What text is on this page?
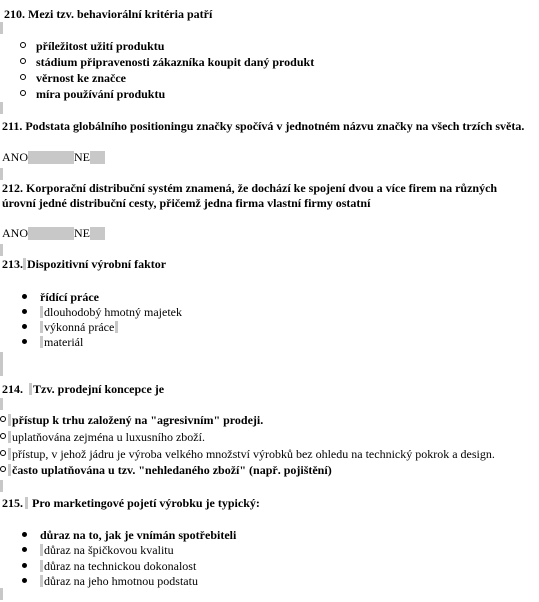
210. Mezi tzv. behaviorální kritéria patří
příležitost užití produktu
stádium připravenosti zákazníka koupit daný produkt
věrnost ke značce
míra používání produktu
211. Podstata globálního positioningu značky spočívá v jednotném názvu značky na všech trzích světa.
ANO	NE
212. Korporační distribuční systém znamená, že dochází ke spojení dvou a více firem na různých
úrovní jedné distribuční cesty, přičemž jedna firma vlastní firmy ostatní
ANO	NE
213. Dispozitivní výrobní faktor
řídící práce
dlouhodobý hmotný majetek
výkonná práce
materiál
214. Tzv. prodejní koncepce je
přístup k trhu založený na "agresivním" prodeji.
uplatňována zejména u luxusního zboží.
přístup, v jehož jádru je výroba velkého množství výrobků bez ohledu na technický pokrok a design.
často uplatňována u tzv. "nehledaného zboží" (např. pojištění)
215. Pro marketingové pojetí výrobku je typický:
důraz na to, jak je vnímán spotřebiteli
důraz na špičkovou kvalitu
důraz na technickou dokonalost
důraz na jeho hmotnou podstatu
